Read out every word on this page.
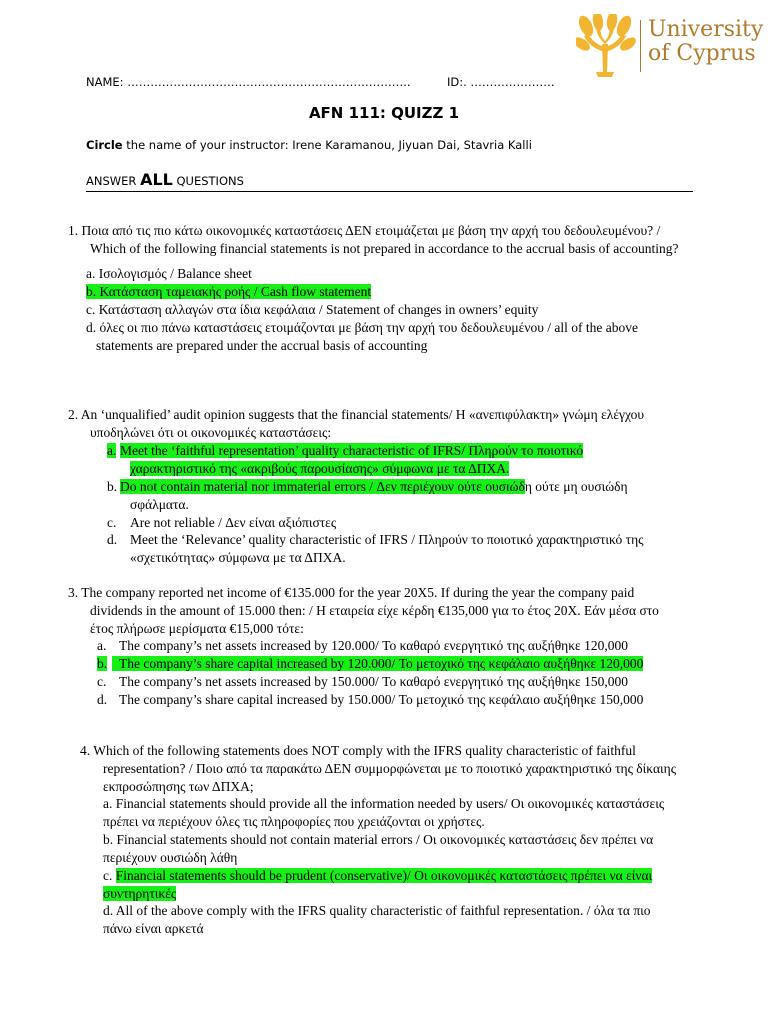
University
of Cyprus
NAME: ………………………………………………………………..	ID:. ………………….
AFN 111: QUIZZ 1
Circle the name of your instructor: Irene Karamanou, Jiyuan Dai, Stavria Kalli
ANSWER ALL QUESTIONS
1. Ποια από τις πιο κάτω οικονομικές καταστάσεις ΔΕΝ ετοιμάζεται με βάση την αρχή του δεδουλευμένου? /
Which of the following financial statements is not prepared in accordance to the accrual basis of accounting?
a. Ισολογισμός / Balance sheet
b. Κατάσταση ταμειακής ροής / Cash flow statement
c. Κατάσταση αλλαγών στα ίδια κεφάλαια / Statement of changes in owners’ equity
d. όλες οι πιο πάνω καταστάσεις ετοιμάζονται με βάση την αρχή του δεδουλευμένου / all of the above
statements are prepared under the accrual basis of accounting
2. An ‘unqualified’ audit opinion suggests that the financial statements/ Η «ανεπιφύλακτη» γνώμη ελέγχου
υποδηλώνει ότι οι οικονομικές καταστάσεις:
a. Meet the ‘faithful representation’ quality characteristic of IFRS/ Πληρούν το ποιοτικό
χαρακτηριστικό της «ακριβούς παρουσίασης» σύμφωνα με τα ΔΠΧΑ.
b. Do not contain material nor immaterial errors / Δεν περιέχουν ούτε ουσιώδη ούτε μη ουσιώδη
σφάλματα.
c. Are not reliable / Δεν είναι αξιόπιστες
d. Meet the ‘Relevance’ quality characteristic of IFRS / Πληρούν το ποιοτικό χαρακτηριστικό της
«σχετικότητας» σύμφωνα με τα ΔΠΧΑ.
3. The company reported net income of €135.000 for the year 20X5. If during the year the company paid
dividends in the amount of 15.000 then: / Η εταιρεία είχε κέρδη €135,000 για το έτος 20Χ. Εάν μέσα στο
έτος πλήρωσε μερίσματα €15,000 τότε:
a. The company’s net assets increased by 120.000/ Το καθαρό ενεργητικό της αυξήθηκε 120,000
b. The company’s share capital increased by 120.000/ Το μετοχικό της κεφάλαιο αυξήθηκε 120,000
c. The company’s net assets increased by 150.000/ Το καθαρό ενεργητικό της αυξήθηκε 150,000
d. The company’s share capital increased by 150.000/ Το μετοχικό της κεφάλαιο αυξήθηκε 150,000
4. Which of the following statements does NOT comply with the IFRS quality characteristic of faithful
representation? / Ποιο από τα παρακάτω ΔΕΝ συμμορφώνεται με το ποιοτικό χαρακτηριστικό της δίκαιης
εκπροσώπησης των ΔΠΧΑ;
a. Financial statements should provide all the information needed by users/ Οι οικονομικές καταστάσεις
πρέπει να περιέχουν όλες τις πληροφορίες που χρειάζονται οι χρήστες.
b. Financial statements should not contain material errors / Οι οικονομικές καταστάσεις δεν πρέπει να
περιέχουν ουσιώδη λάθη
c. Financial statements should be prudent (conservative)/ Οι οικονομικές καταστάσεις πρέπει να είναι
συντηρητικές
d. All of the above comply with the IFRS quality characteristic of faithful representation. / όλα τα πιο
πάνω είναι αρκετά
